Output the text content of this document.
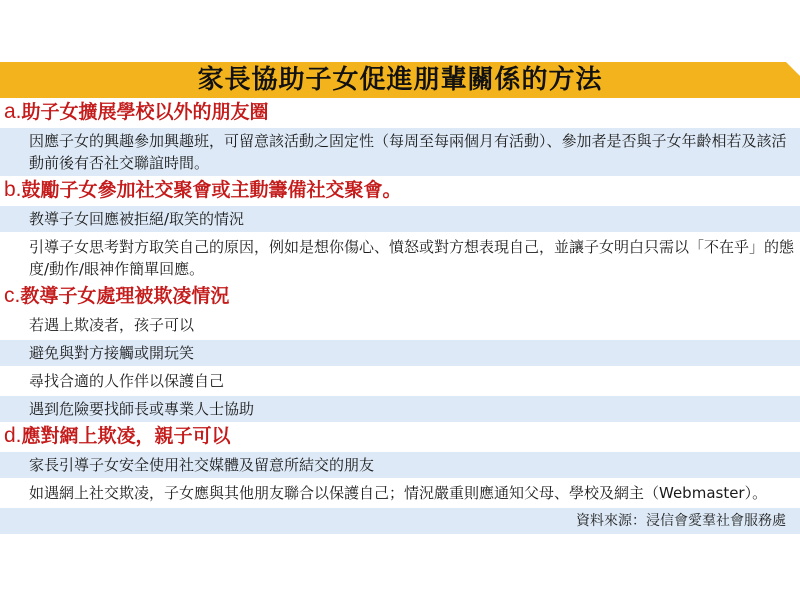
家長協助子女促進朋輩關係的方法
a.助子女擴展學校以外的朋友圈
因應子女的興趣參加興趣班，可留意該活動之固定性（每周至每兩個月有活動）、參加者是否與子女年齡相若及該活動前後有否社交聯誼時間。
b.鼓勵子女參加社交聚會或主動籌備社交聚會。
教導子女回應被拒絕/取笑的情況
引導子女思考對方取笑自己的原因，例如是想你傷心、憤怒或對方想表現自己，並讓子女明白只需以「不在乎」的態度/動作/眼神作簡單回應。
c.教導子女處理被欺凌情況
若遇上欺凌者，孩子可以
避免與對方接觸或開玩笑
尋找合適的人作伴以保護自己
遇到危險要找師長或專業人士協助
d.應對網上欺凌，親子可以
家長引導子女安全使用社交媒體及留意所結交的朋友
如遇網上社交欺凌，子女應與其他朋友聯合以保護自己；情況嚴重則應通知父母、學校及網主（Webmaster）。
資料來源：浸信會愛羣社會服務處
